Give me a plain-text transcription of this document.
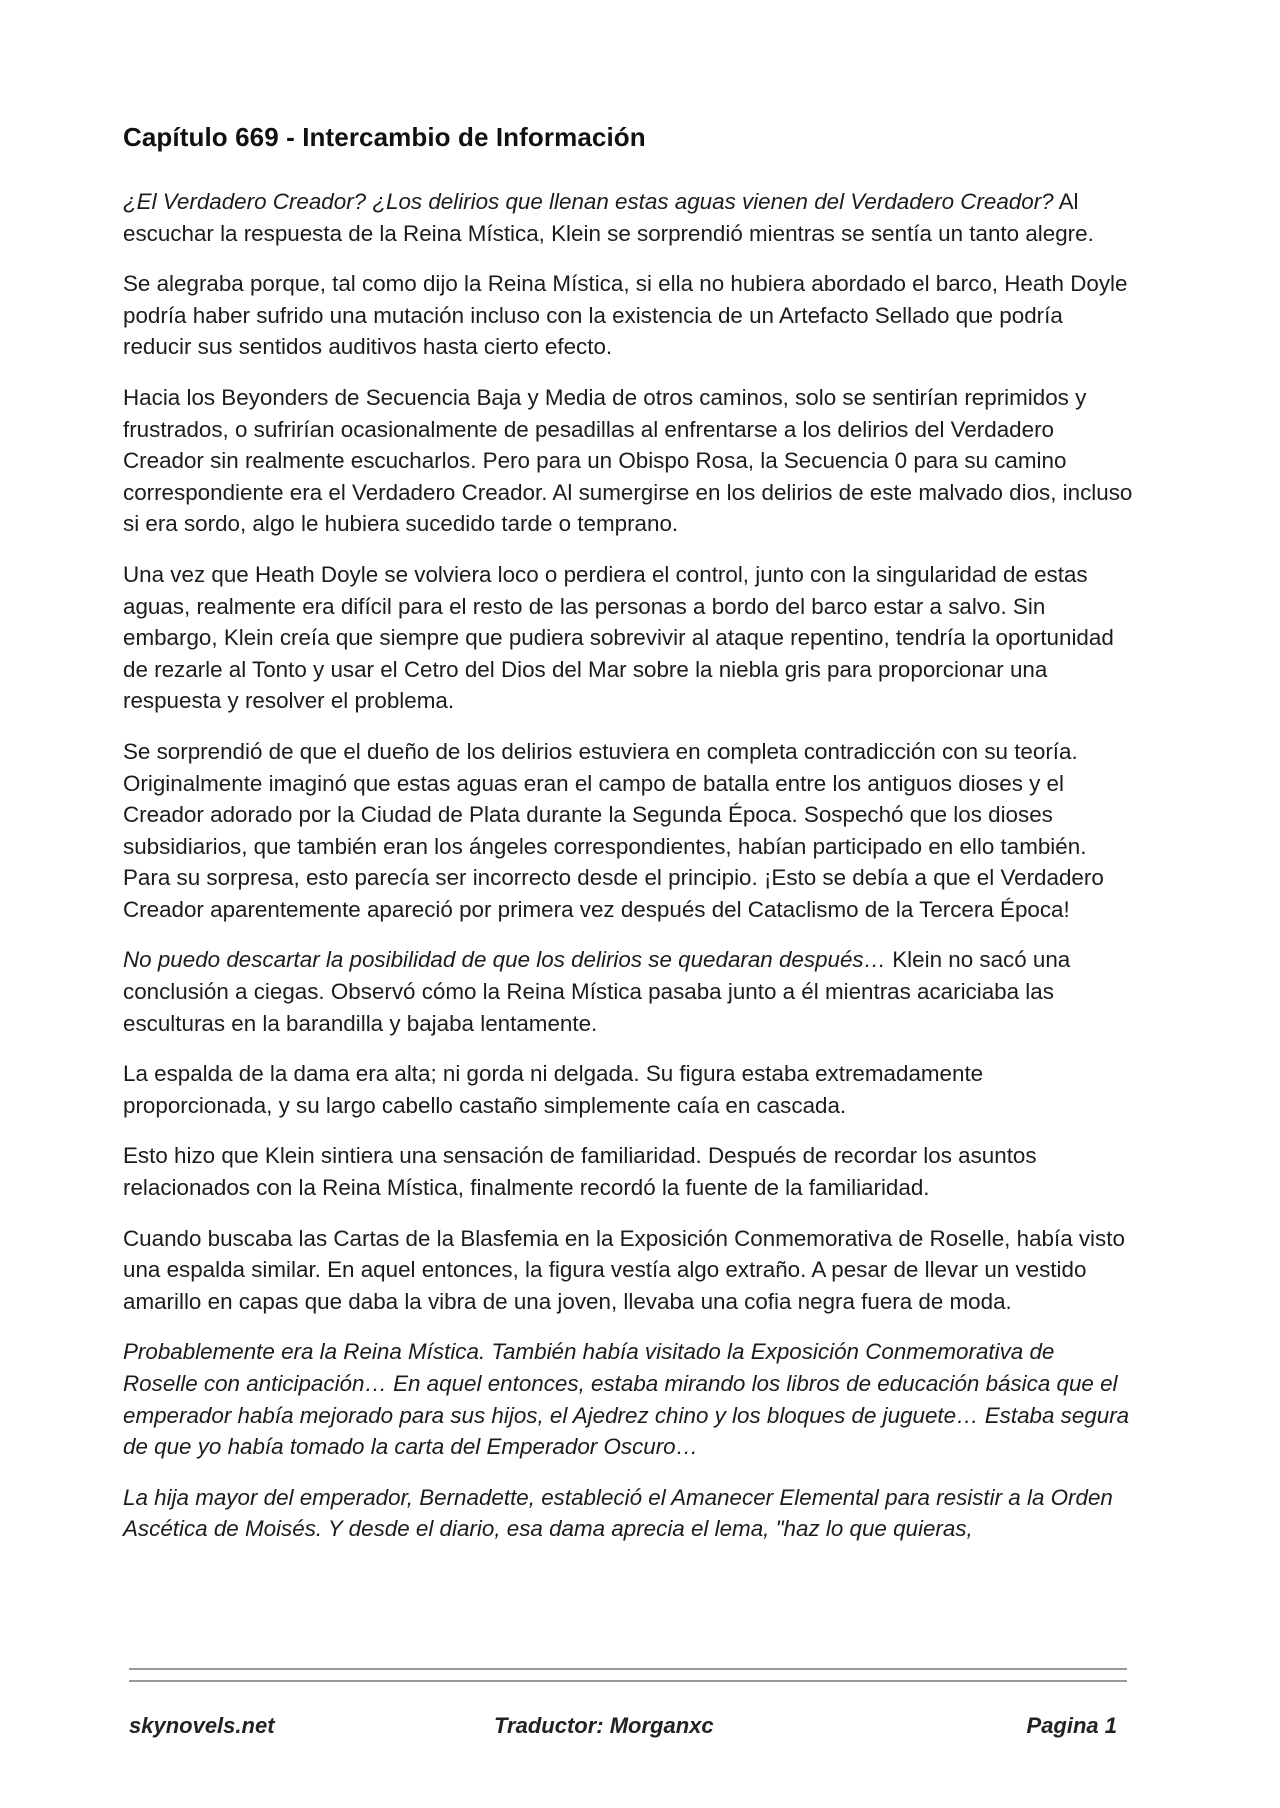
Capítulo 669 - Intercambio de Información

¿El Verdadero Creador? ¿Los delirios que llenan estas aguas vienen del Verdadero Creador? Al escuchar la respuesta de la Reina Mística, Klein se sorprendió mientras se sentía un tanto alegre.

Se alegraba porque, tal como dijo la Reina Mística, si ella no hubiera abordado el barco, Heath Doyle podría haber sufrido una mutación incluso con la existencia de un Artefacto Sellado que podría reducir sus sentidos auditivos hasta cierto efecto.

Hacia los Beyonders de Secuencia Baja y Media de otros caminos, solo se sentirían reprimidos y frustrados, o sufrirían ocasionalmente de pesadillas al enfrentarse a los delirios del Verdadero Creador sin realmente escucharlos. Pero para un Obispo Rosa, la Secuencia 0 para su camino correspondiente era el Verdadero Creador. Al sumergirse en los delirios de este malvado dios, incluso si era sordo, algo le hubiera sucedido tarde o temprano.

Una vez que Heath Doyle se volviera loco o perdiera el control, junto con la singularidad de estas aguas, realmente era difícil para el resto de las personas a bordo del barco estar a salvo. Sin embargo, Klein creía que siempre que pudiera sobrevivir al ataque repentino, tendría la oportunidad de rezarle al Tonto y usar el Cetro del Dios del Mar sobre la niebla gris para proporcionar una respuesta y resolver el problema.

Se sorprendió de que el dueño de los delirios estuviera en completa contradicción con su teoría. Originalmente imaginó que estas aguas eran el campo de batalla entre los antiguos dioses y el Creador adorado por la Ciudad de Plata durante la Segunda Época. Sospechó que los dioses subsidiarios, que también eran los ángeles correspondientes, habían participado en ello también. Para su sorpresa, esto parecía ser incorrecto desde el principio. ¡Esto se debía a que el Verdadero Creador aparentemente apareció por primera vez después del Cataclismo de la Tercera Época!

No puedo descartar la posibilidad de que los delirios se quedaran después… Klein no sacó una conclusión a ciegas. Observó cómo la Reina Mística pasaba junto a él mientras acariciaba las esculturas en la barandilla y bajaba lentamente.

La espalda de la dama era alta; ni gorda ni delgada. Su figura estaba extremadamente proporcionada, y su largo cabello castaño simplemente caía en cascada.

Esto hizo que Klein sintiera una sensación de familiaridad. Después de recordar los asuntos relacionados con la Reina Mística, finalmente recordó la fuente de la familiaridad.

Cuando buscaba las Cartas de la Blasfemia en la Exposición Conmemorativa de Roselle, había visto una espalda similar. En aquel entonces, la figura vestía algo extraño. A pesar de llevar un vestido amarillo en capas que daba la vibra de una joven, llevaba una cofia negra fuera de moda.

Probablemente era la Reina Mística. También había visitado la Exposición Conmemorativa de Roselle con anticipación… En aquel entonces, estaba mirando los libros de educación básica que el emperador había mejorado para sus hijos, el Ajedrez chino y los bloques de juguete… Estaba segura de que yo había tomado la carta del Emperador Oscuro…

La hija mayor del emperador, Bernadette, estableció el Amanecer Elemental para resistir a la Orden Ascética de Moisés. Y desde el diario, esa dama aprecia el lema, "haz lo que quieras,

skynovels.net	Traductor: Morganxc	Pagina 1
